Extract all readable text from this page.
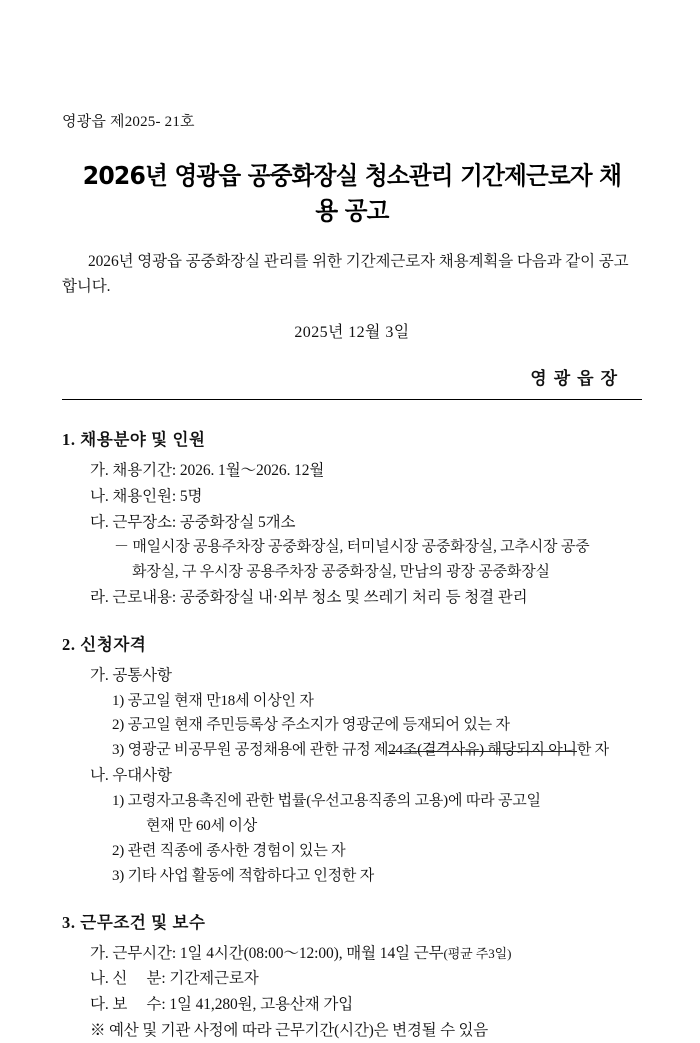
영광읍 제2025- 21호
2026년 영광읍 공중화장실 청소관리 기간제근로자 채용 공고

2026년 영광읍 공중화장실 관리를 위한 기간제근로자 채용계획을 다음과 같이 공고합니다.

2025년 12월 3일
영광읍장
1. 채용분야 및 인원
가. 채용기간: 2026. 1월～2026. 12월
나. 채용인원: 5명
다. 근무장소: 공중화장실 5개소
－ 매일시장 공용주차장 공중화장실, 터미널시장 공중화장실, 고추시장 공중
화장실, 구 우시장 공용주차장 공중화장실, 만남의 광장 공중화장실
라. 근로내용: 공중화장실 내·외부 청소 및 쓰레기 처리 등 청결 관리
2. 신청자격
가. 공통사항
1) 공고일 현재 만18세 이상인 자
2) 공고일 현재 주민등록상 주소지가 영광군에 등재되어 있는 자
3) 영광군 비공무원 공정채용에 관한 규정 제24조(결격사유) 해당되지 아니한 자
나. 우대사항
1) 고령자고용촉진에 관한 법률(우선고용직종의 고용)에 따라 공고일
현재 만 60세 이상
2) 관련 직종에 종사한 경험이 있는 자
3) 기타 사업 활동에 적합하다고 인정한 자
3. 근무조건 및 보수
가. 근무시간: 1일 4시간(08:00～12:00), 매월 14일 근무(평균 주3일)
나. 신 　분: 기간제근로자
다. 보 　수: 1일 41,280원, 고용산재 가입
※ 예산 및 기관 사정에 따라 근무기간(시간)은 변경될 수 있음
